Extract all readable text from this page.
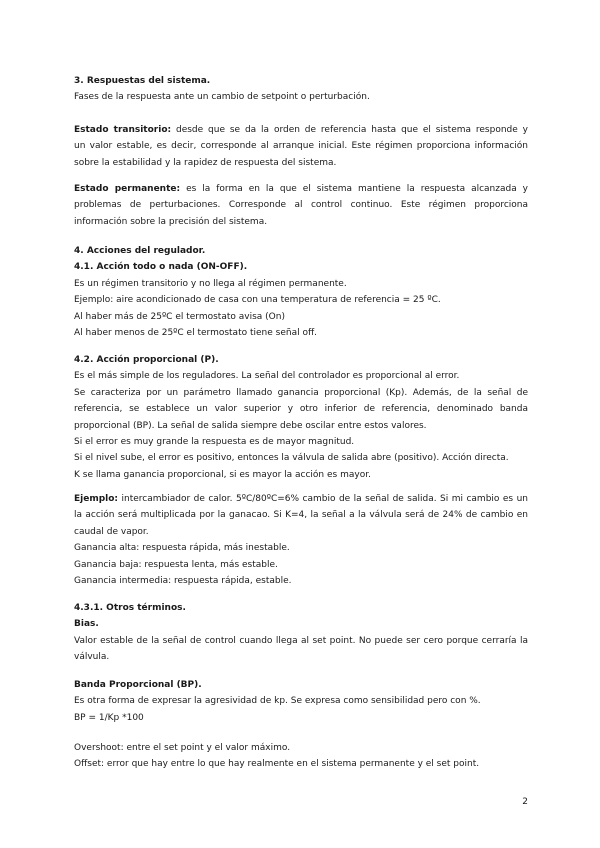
3. Respuestas del sistema.
Fases de la respuesta ante un cambio de setpoint o perturbación.
Estado transitorio: desde que se da la orden de referencia hasta que el sistema responde y
un valor estable, es decir, corresponde al arranque inicial. Este régimen proporciona información
sobre la estabilidad y la rapidez de respuesta del sistema.
Estado permanente: es la forma en la que el sistema mantiene la respuesta alcanzada y
problemas de perturbaciones. Corresponde al control continuo. Este régimen proporciona
información sobre la precisión del sistema.
4. Acciones del regulador.
4.1. Acción todo o nada (ON-OFF).
Es un régimen transitorio y no llega al régimen permanente.
Ejemplo: aire acondicionado de casa con una temperatura de referencia = 25 ºC.
Al haber más de 25ºC el termostato avisa (On)
Al haber menos de 25ºC el termostato tiene señal off.
4.2. Acción proporcional (P).
Es el más simple de los reguladores. La señal del controlador es proporcional al error.
Se caracteriza por un parámetro llamado ganancia proporcional (Kp). Además, de la señal de
referencia, se establece un valor superior y otro inferior de referencia, denominado banda
proporcional (BP). La señal de salida siempre debe oscilar entre estos valores.
Si el error es muy grande la respuesta es de mayor magnitud.
Si el nivel sube, el error es positivo, entonces la válvula de salida abre (positivo). Acción directa.
K se llama ganancia proporcional, si es mayor la acción es mayor.
Ejemplo: intercambiador de calor. 5ºC/80ºC=6% cambio de la señal de salida. Si mi cambio es un
la acción será multiplicada por la ganacao. Si K=4, la señal a la válvula será de 24% de cambio en
caudal de vapor.
Ganancia alta: respuesta rápida, más inestable.
Ganancia baja: respuesta lenta, más estable.
Ganancia intermedia: respuesta rápida, estable.
4.3.1. Otros términos.
Bias.
Valor estable de la señal de control cuando llega al set point. No puede ser cero porque cerraría la
válvula.
Banda Proporcional (BP).
Es otra forma de expresar la agresividad de kp. Se expresa como sensibilidad pero con %.
BP = 1/Kp *100
Overshoot: entre el set point y el valor máximo.
Offset: error que hay entre lo que hay realmente en el sistema permanente y el set point.
2
